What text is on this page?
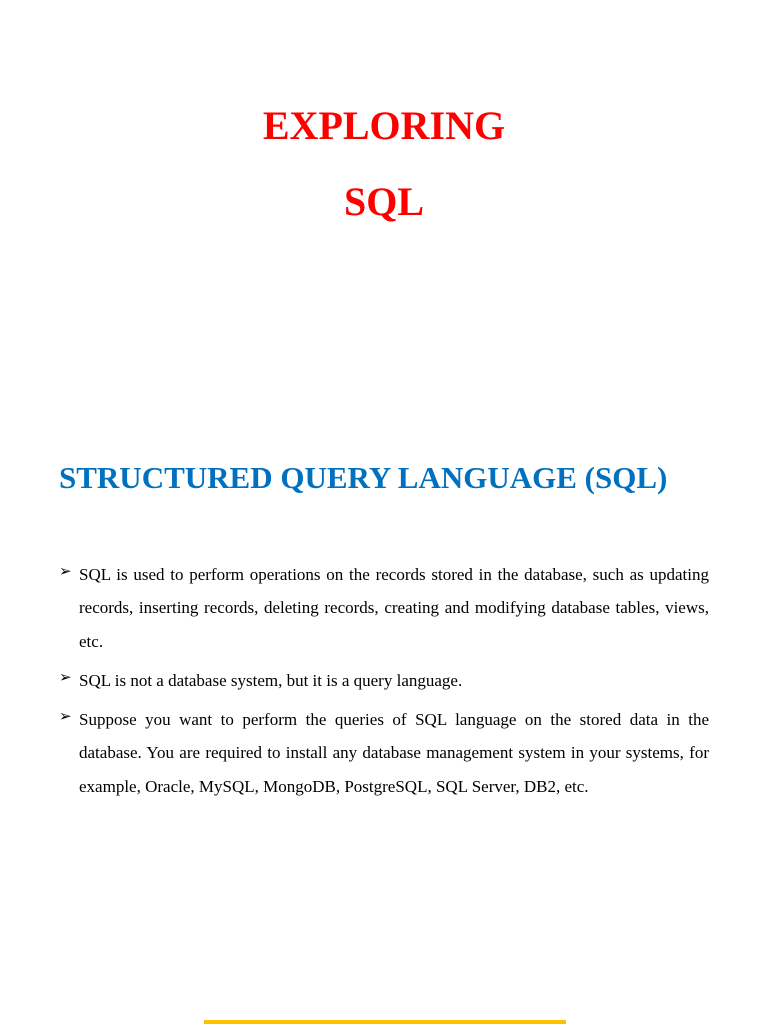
EXPLORING
SQL
STRUCTURED QUERY LANGUAGE (SQL)
➢ SQL is used to perform operations on the records stored in the database, such as updating records, inserting records, deleting records, creating and modifying database tables, views, etc.
➢ SQL is not a database system, but it is a query language.
➢ Suppose you want to perform the queries of SQL language on the stored data in the database. You are required to install any database management system in your systems, for example, Oracle, MySQL, MongoDB, PostgreSQL, SQL Server, DB2, etc.
